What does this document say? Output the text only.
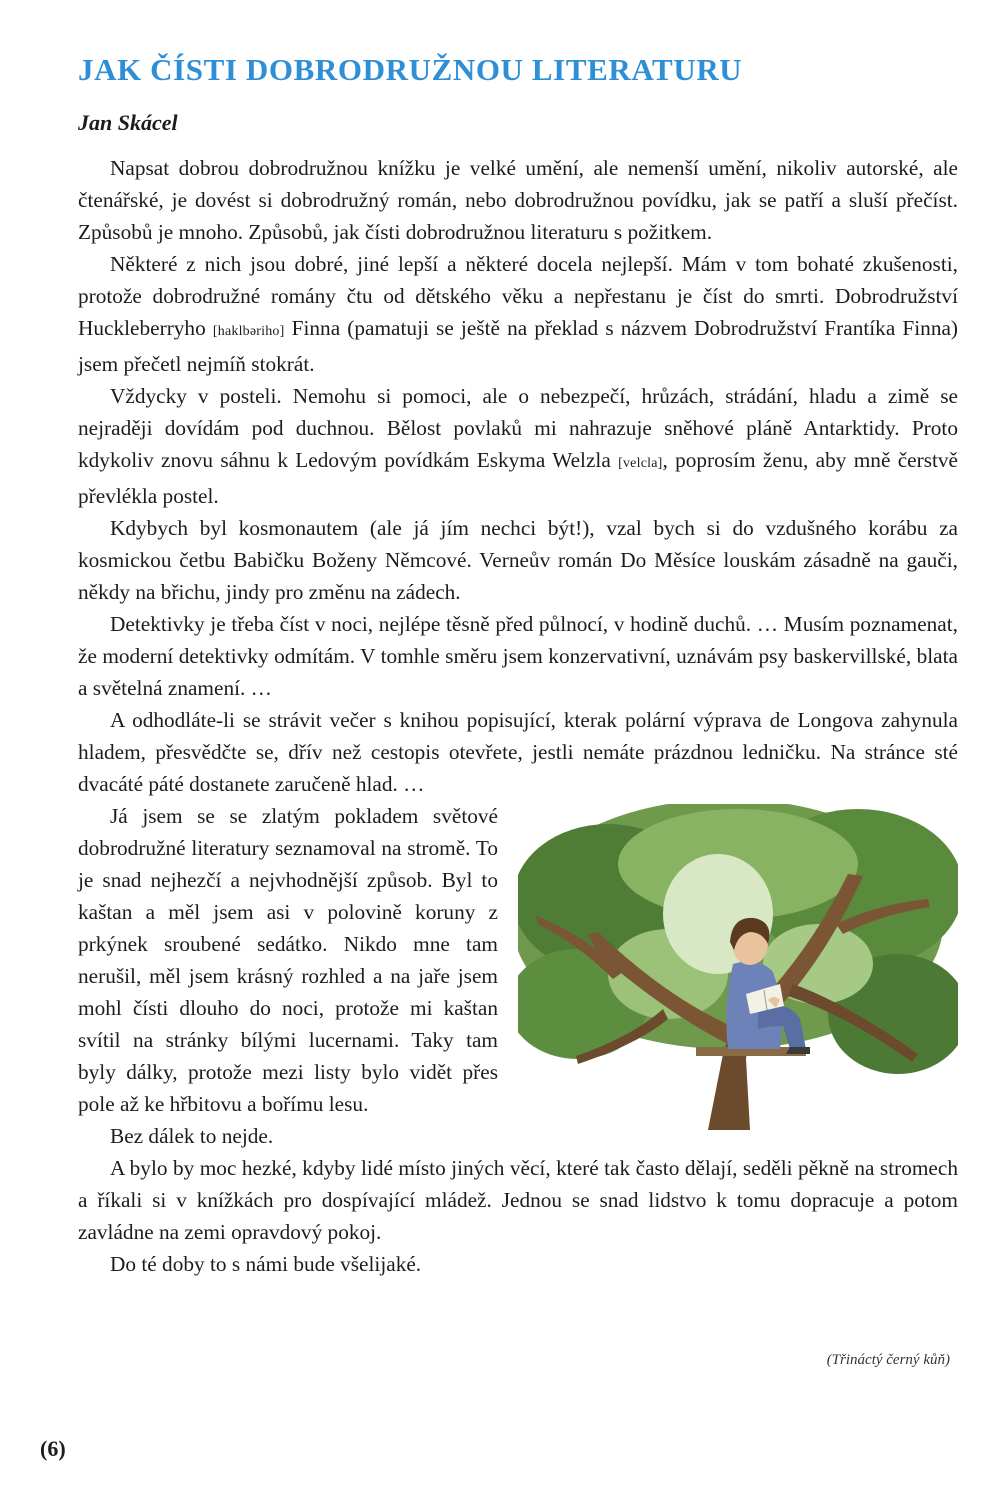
JAK ČÍSTI DOBRODRUŽNOU LITERATURU
Jan Skácel

Napsat dobrou dobrodružnou knížku je velké umění, ale nemenší umění, nikoliv autorské, ale čtenářské, je dovést si dobrodružný román, nebo dobrodružnou povídku, jak se patří a sluší přečíst. Způsobů je mnoho. Způsobů, jak čísti dobrodružnou literaturu s požitkem.

Některé z nich jsou dobré, jiné lepší a některé docela nejlepší. Mám v tom bohaté zkušenosti, protože dobrodružné romány čtu od dětského věku a nepřestanu je číst do smrti. Dobrodružství Huckleberryho [haklbəriho] Finna (pamatuji se ještě na překlad s názvem Dobrodružství Frantíka Finna) jsem přečetl nejmíň stokrát.

Vždycky v posteli. Nemohu si pomoci, ale o nebezpečí, hrůzách, strádání, hladu a zimě se nejraději dovídám pod duchnou. Bělost povlaků mi nahrazuje sněhové pláně Antarktidy. Proto kdykoliv znovu sáhnu k Ledovým povídkám Eskyma Welzla [velcla], poprosím ženu, aby mně čerstvě převlékla postel.

Kdybych byl kosmonautem (ale já jím nechci být!), vzal bych si do vzdušného korábu za kosmickou četbu Babičku Boženy Němcové. Verneův román Do Měsíce louskám zásadně na gauči, někdy na břichu, jindy pro změnu na zádech.

Detektivky je třeba číst v noci, nejlépe těsně před půlnocí, v hodině duchů. … Musím poznamenat, že moderní detektivky odmítám. V tomhle směru jsem konzervativní, uznávám psy baskervillské, blata a světelná znamení. …

A odhodláte-li se strávit večer s knihou popisující, kterak polární výprava de Longova zahynula hladem, přesvědčte se, dřív než cestopis otevřete, jestli nemáte prázdnou ledničku. Na stránce sté dvacáté páté dostanete zaručeně hlad. …

Já jsem se se zlatým pokladem světové dobrodružné literatury seznamoval na stromě. To je snad nejhezčí a nejvhodnější způsob. Byl to kaštan a měl jsem asi v polovině koruny z prkýnek sroubené sedátko. Nikdo mne tam nerušil, měl jsem krásný rozhled a na jaře jsem mohl čísti dlouho do noci, protože mi kaštan svítil na stránky bílými lucernami. Taky tam byly dálky, protože mezi listy bylo vidět přes pole až ke hřbitovu a bořímu lesu.

Bez dálek to nejde.

A bylo by moc hezké, kdyby lidé místo jiných věcí, které tak často dělají, seděli pěkně na stromech a říkali si v knížkách pro dospívající mládež. Jednou se snad lidstvo k tomu dopracuje a potom zavládne na zemi opravdový pokoj.

Do té doby to s námi bude všelijaké.

(Třináctý černý kůň)
(6)
